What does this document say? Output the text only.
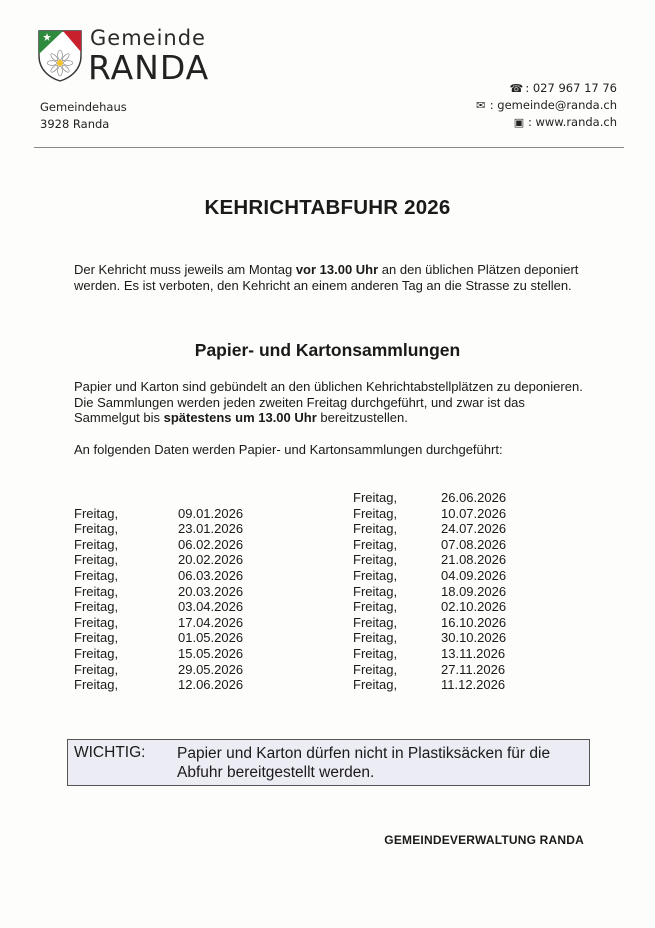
Gemeinde
RANDA
Gemeindehaus
3928 Randa
☎ : 027 967 17 76
✉ : gemeinde@randa.ch
▣ : www.randa.ch
KEHRICHTABFUHR 2026
Der Kehricht muss jeweils am Montag vor 13.00 Uhr an den üblichen Plätzen deponiert werden. Es ist verboten, den Kehricht an einem anderen Tag an die Strasse zu stellen.
Papier- und Kartonsammlungen
Papier und Karton sind gebündelt an den üblichen Kehrichtabstellplätzen zu deponieren. Die Sammlungen werden jeden zweiten Freitag durchgeführt, und zwar ist das Sammelgut bis spätestens um 13.00 Uhr bereitzustellen.
An folgenden Daten werden Papier- und Kartonsammlungen durchgeführt:
Freitag,	09.01.2026
Freitag,	23.01.2026
Freitag,	06.02.2026
Freitag,	20.02.2026
Freitag,	06.03.2026
Freitag,	20.03.2026
Freitag,	03.04.2026
Freitag,	17.04.2026
Freitag,	01.05.2026
Freitag,	15.05.2026
Freitag,	29.05.2026
Freitag,	12.06.2026
Freitag,	26.06.2026
Freitag,	10.07.2026
Freitag,	24.07.2026
Freitag,	07.08.2026
Freitag,	21.08.2026
Freitag,	04.09.2026
Freitag,	18.09.2026
Freitag,	02.10.2026
Freitag,	16.10.2026
Freitag,	30.10.2026
Freitag,	13.11.2026
Freitag,	27.11.2026
Freitag,	11.12.2026
WICHTIG: Papier und Karton dürfen nicht in Plastiksäcken für die Abfuhr bereitgestellt werden.
GEMEINDEVERWALTUNG RANDA
